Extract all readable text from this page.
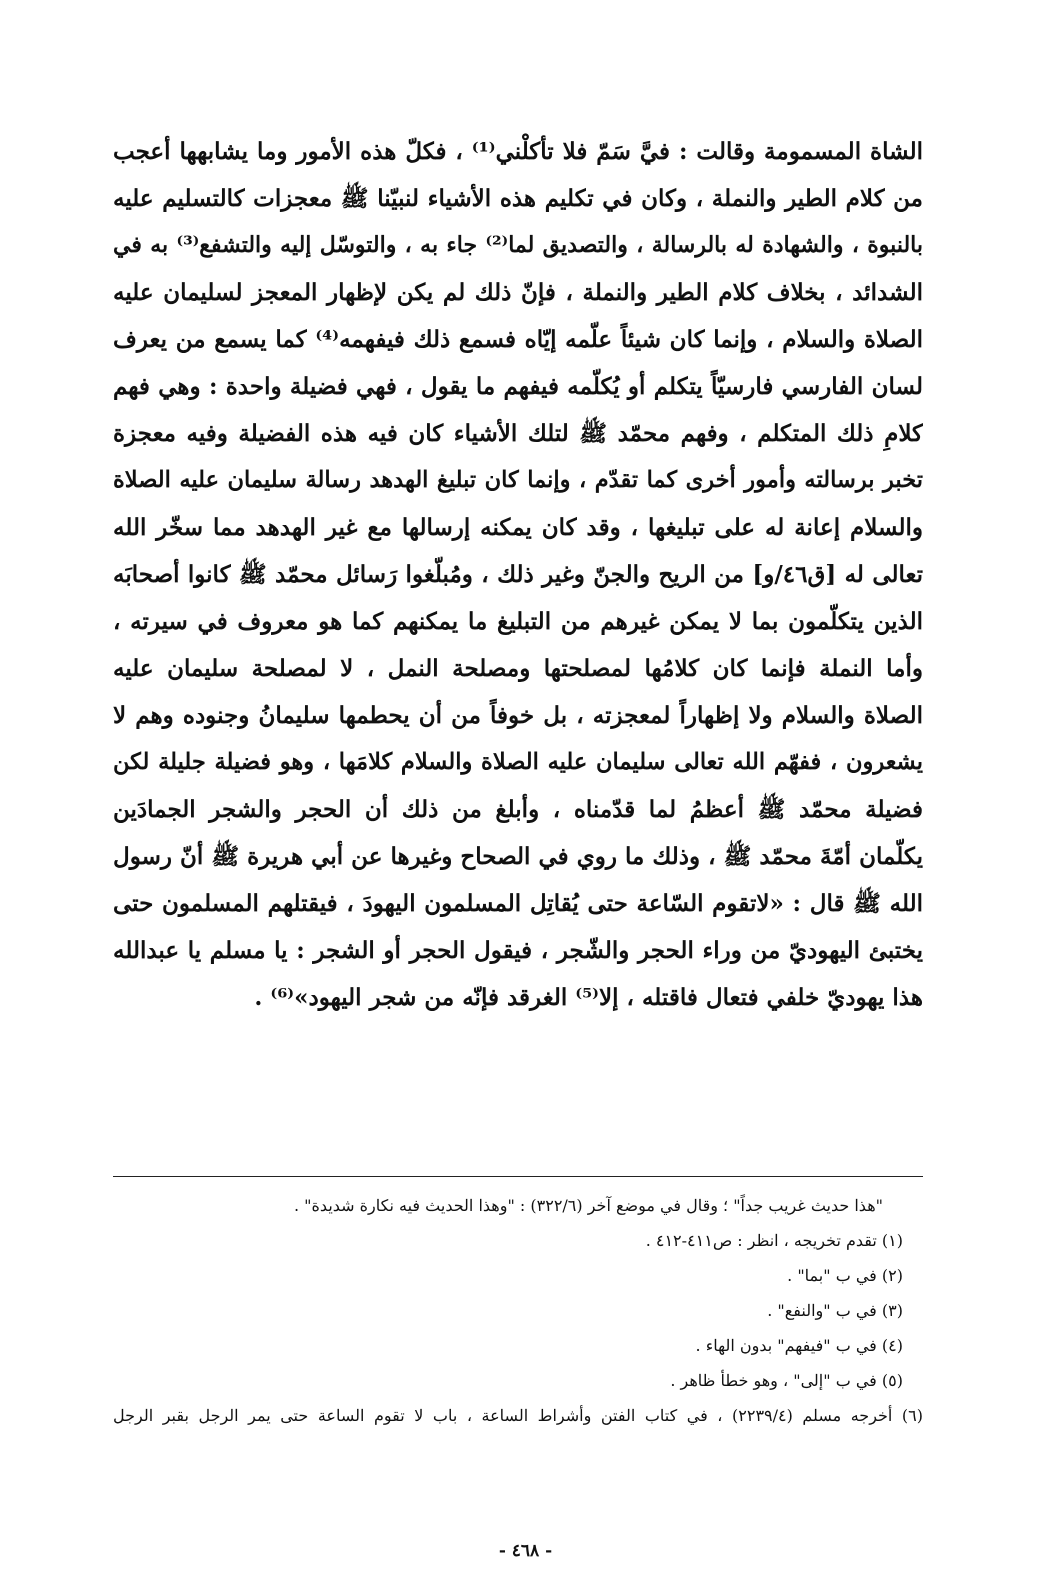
الشاة المسمومة وقالت : فيَّ سَمّ فلا تأكلْني⁽¹⁾ ، فكلّ هذه الأمور وما يشابهها أعجب
من كلام الطير والنملة ، وكان في تكليم هذه الأشياء لنبيّنا ﷺ معجزات كالتسليم عليه
بالنبوة ، والشهادة له بالرسالة ، والتصديق لما⁽²⁾ جاء به ، والتوسّل إليه والتشفع⁽³⁾ به في
الشدائد ، بخلاف كلام الطير والنملة ، فإنّ ذلك لم يكن لإظهار المعجز لسليمان عليه
الصلاة والسلام ، وإنما كان شيئاً علّمه إيّاه فسمع ذلك فيفهمه⁽⁴⁾ كما يسمع من يعرف
لسان الفارسي فارسيّاً يتكلم أو يُكلّمه فيفهم ما يقول ، فهي فضيلة واحدة : وهي فهم
كلامِ ذلك المتكلم ، وفهم محمّد ﷺ لتلك الأشياء كان فيه هذه الفضيلة وفيه معجزة
تخبر برسالته وأمور أخرى كما تقدّم ، وإنما كان تبليغ الهدهد رسالة سليمان عليه الصلاة
والسلام إعانة له على تبليغها ، وقد كان يمكنه إرسالها مع غير الهدهد مما سخّر الله
تعالى له [ق٤٦/و] من الريح والجنّ وغير ذلك ، ومُبلّغوا رَسائل محمّد ﷺ كانوا أصحابَه
الذين يتكلّمون بما لا يمكن غيرهم من التبليغ ما يمكنهم كما هو معروف في سيرته ،
وأما النملة فإنما كان كلامُها لمصلحتها ومصلحة النمل ، لا لمصلحة سليمان عليه
الصلاة والسلام ولا إظهاراً لمعجزته ، بل خوفاً من أن يحطمها سليمانُ وجنوده وهم لا
يشعرون ، ففهّم الله تعالى سليمان عليه الصلاة والسلام كلامَها ، وهو فضيلة جليلة لكن
فضيلة محمّد ﷺ أعظمُ لما قدّمناه ، وأبلغ من ذلك أن الحجر والشجر الجمادَين
يكلّمان أمّةَ محمّد ﷺ ، وذلك ما روي في الصحاح وغيرها عن أبي هريرة ﷺ أنّ رسول
الله ﷺ قال : «لاتقوم السّاعة حتى يُقاتِل المسلمون اليهودَ ، فيقتلهم المسلمون حتى
يختبئ اليهوديّ من وراء الحجر والشّجر ، فيقول الحجر أو الشجر : يا مسلم يا عبدالله
هذا يهوديّ خلفي فتعال فاقتله ، إلا⁽⁵⁾ الغرقد فإنّه من شجر اليهود»⁽⁶⁾ .
"هذا حديث غريب جداً" ؛ وقال في موضع آخر (٣٢٢/٦) : "وهذا الحديث فيه نكارة شديدة" .
(١) تقدم تخريجه ، انظر : ص٤١١-٤١٢ .
(٢) في ب "بما" .
(٣) في ب "والنفع" .
(٤) في ب "فيفهم" بدون الهاء .
(٥) في ب "إلى" ، وهو خطأ ظاهر .
(٦) أخرجه مسلم (٢٢٣٩/٤) ، في كتاب الفتن وأشراط الساعة ، باب لا تقوم الساعة حتى يمر الرجل بقبر الرجل
- ٤٦٨ -
